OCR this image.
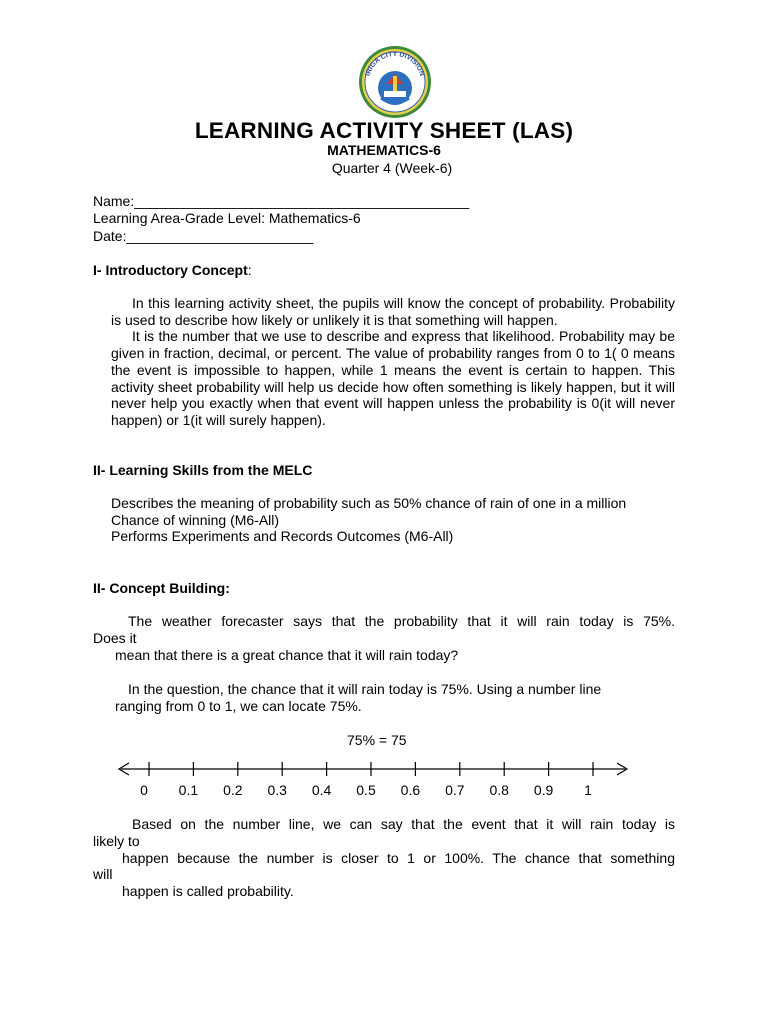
IRIGA CITY DIVISION
LEARNING ACTIVITY SHEET (LAS)
MATHEMATICS-6
Quarter 4 (Week-6)
Name:___________________________________________
Learning Area-Grade Level: Mathematics-6
Date:________________________
I- Introductory Concept:

In this learning activity sheet, the pupils will know the concept of probability. Probability is used to describe how likely or unlikely it is that something will happen.

It is the number that we use to describe and express that likelihood. Probability may be given in fraction, decimal, or percent. The value of probability ranges from 0 to 1( 0 means the event is impossible to happen, while 1 means the event is certain to happen. This activity sheet probability will help us decide how often something is likely happen, but it will never help you exactly when that event will happen unless the probability is 0(it will never happen) or 1(it will surely happen).

II- Learning Skills from the MELC

Describes the meaning of probability such as 50% chance of rain of one in a million

Chance of winning (M6-All)

Performs Experiments and Records Outcomes (M6-All)

II- Concept Building:
The weather forecaster says that the probability that it will rain today is 75%.
Does it
mean that there is a great chance that it will rain today?
In the question, the chance that it will rain today is 75%. Using a number line
ranging from 0 to 1, we can locate 75%.
75% = 75
0 0.1 0.2 0.3 0.4 0.5 0.6 0.7 0.8 0.9 1
Based on the number line, we can say that the event that it will rain today is
likely to
happen because the number is closer to 1 or 100%. The chance that something
will
happen is called probability.
